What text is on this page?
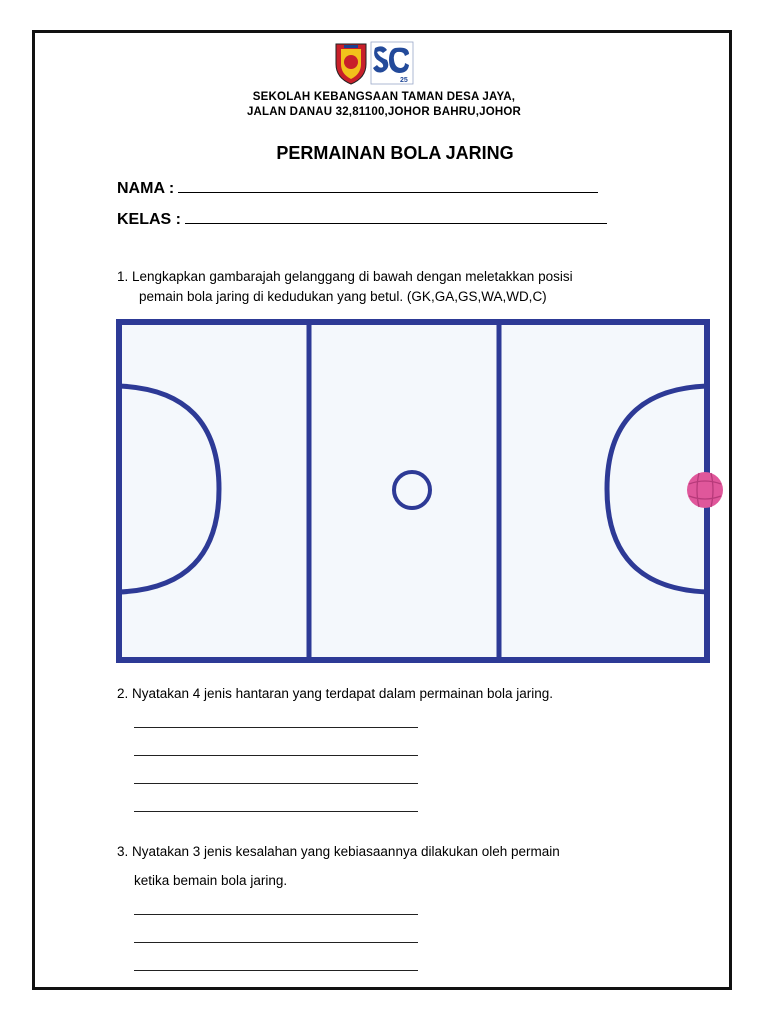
25
SEKOLAH KEBANGSAAN TAMAN DESA JAYA,
JALAN DANAU 32,81100,JOHOR BAHRU,JOHOR
PERMAINAN BOLA JARING
NAMA :
KELAS :
1. Lengkapkan gambarajah gelanggang di bawah dengan meletakkan posisi
pemain bola jaring di kedudukan yang betul. (GK,GA,GS,WA,WD,C)
2. Nyatakan 4 jenis hantaran yang terdapat dalam permainan bola jaring.
3. Nyatakan 3 jenis kesalahan yang kebiasaannya dilakukan oleh permain
ketika bemain bola jaring.
